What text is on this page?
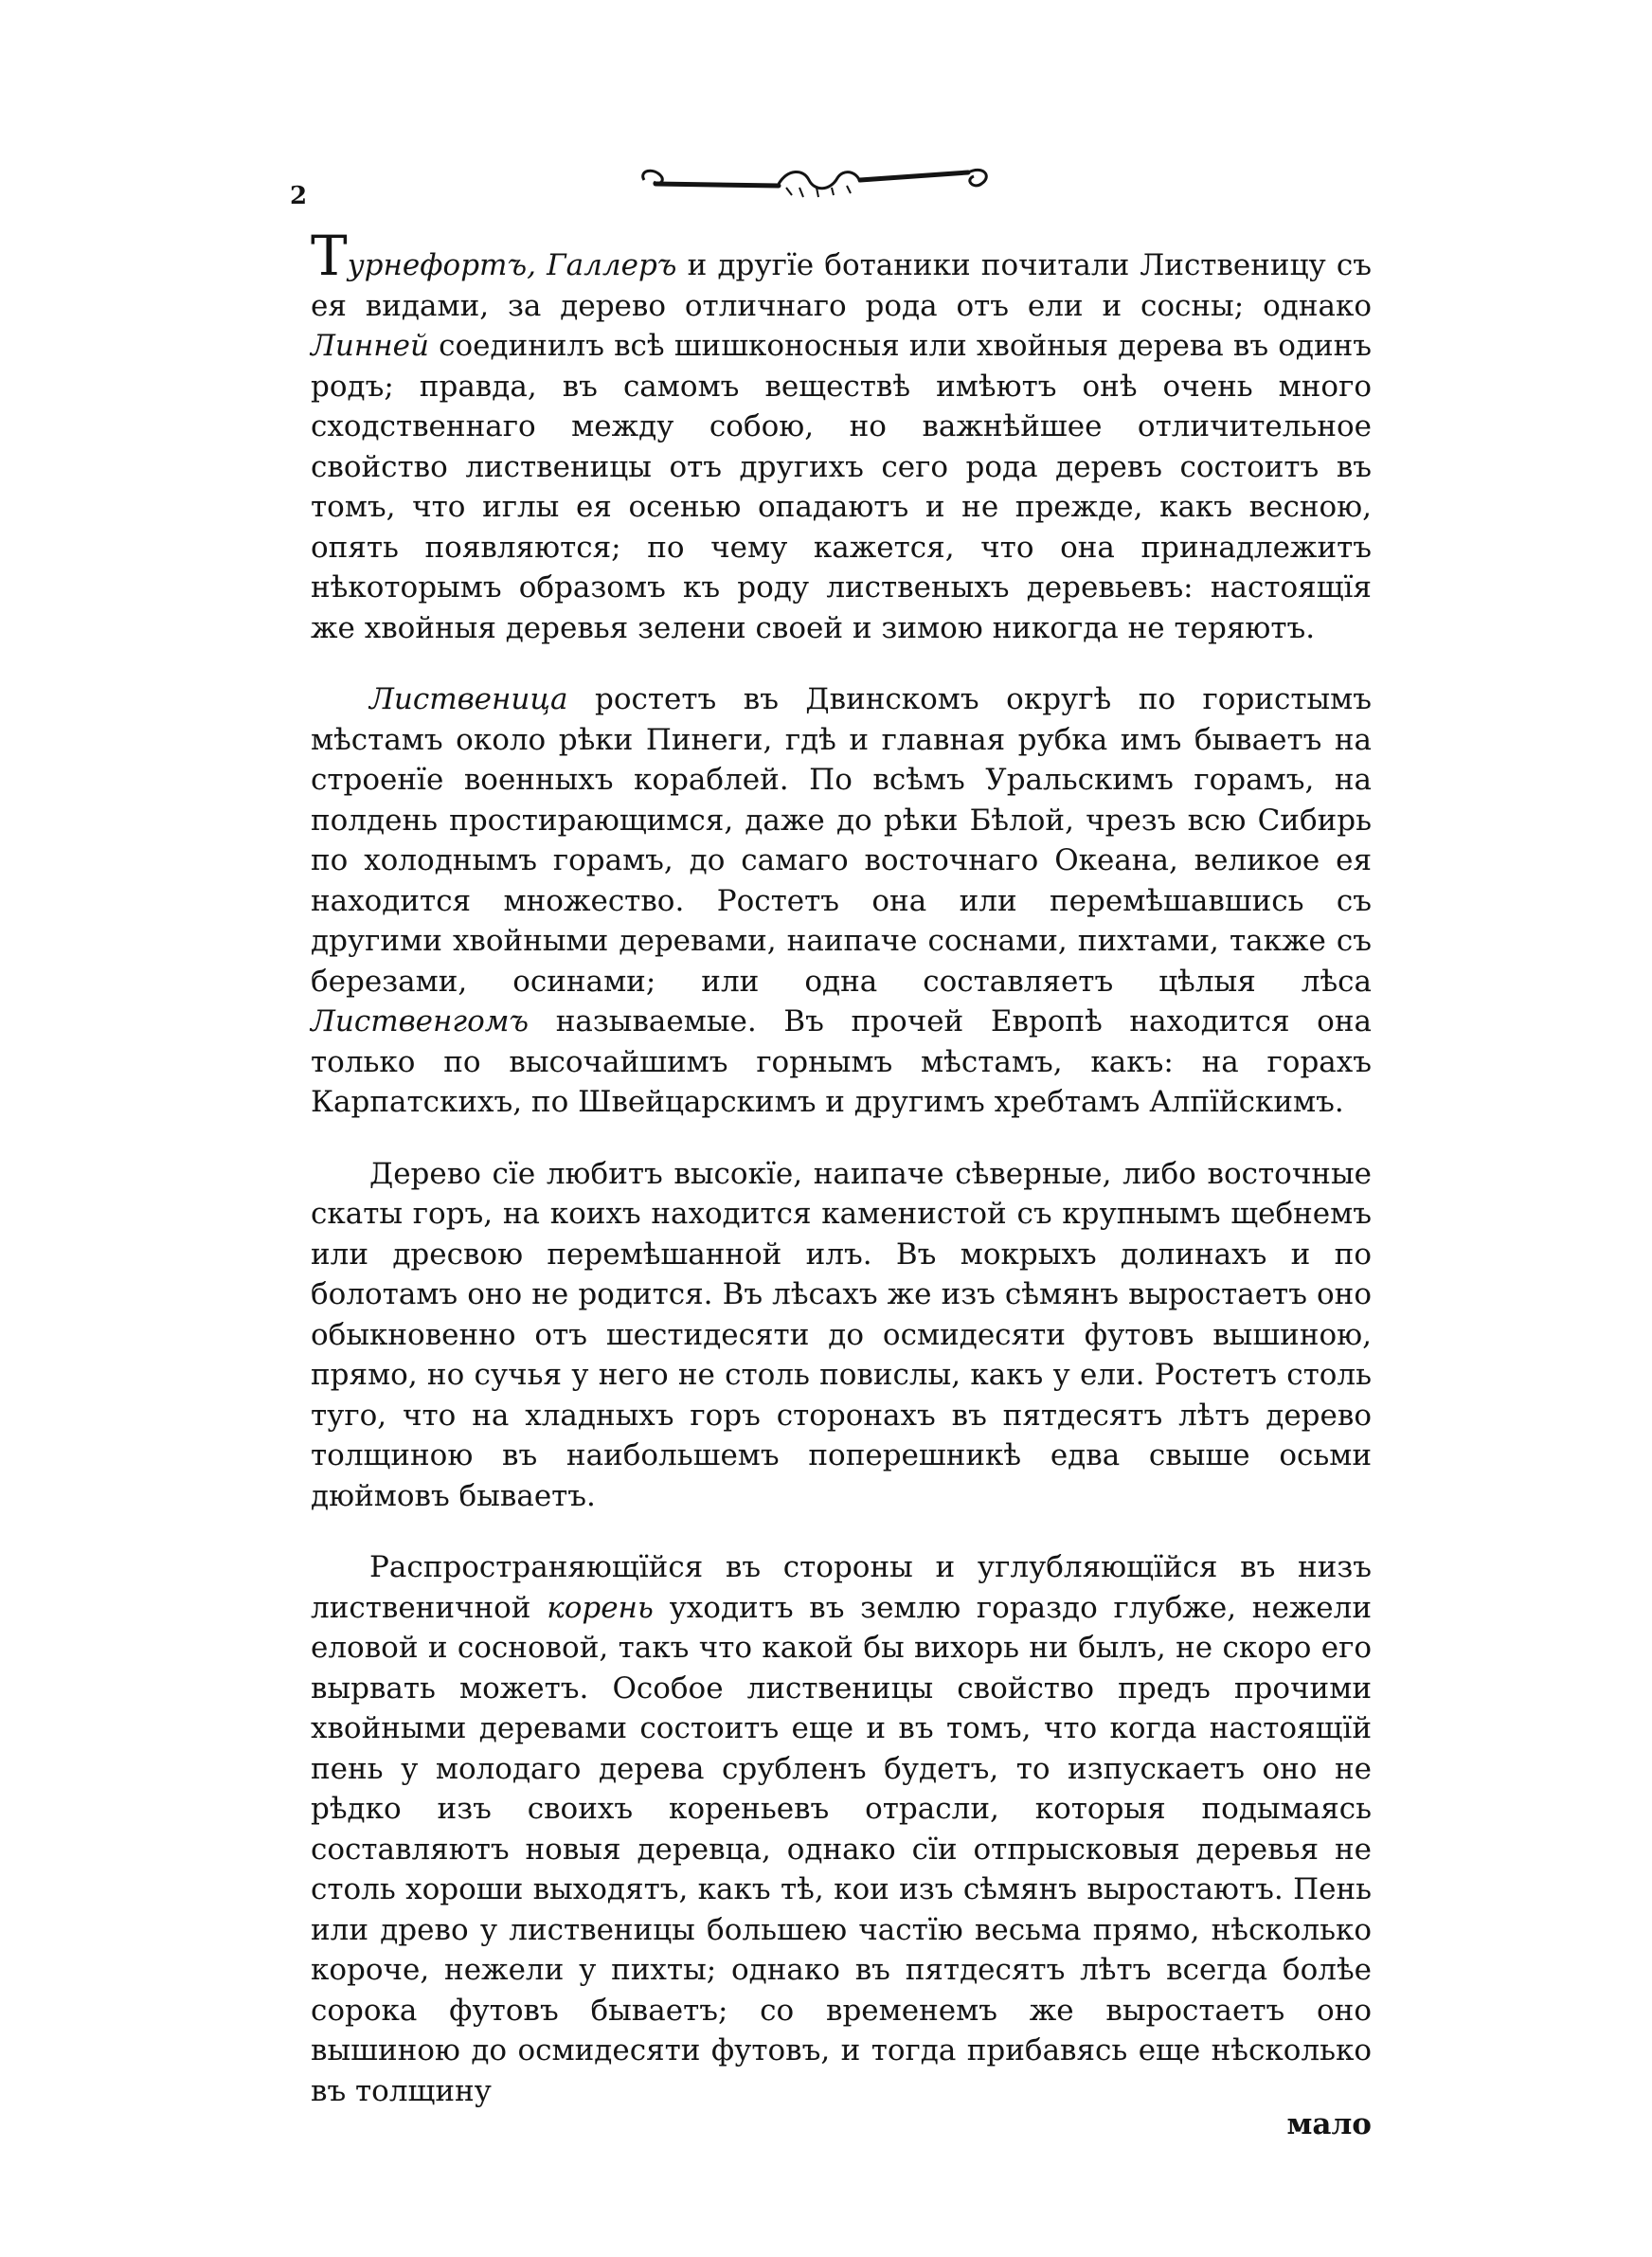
2

Турнефортъ, Галлеръ и другïе ботаники почитали Лиственицу съ ея видами, за дерево отличнаго рода отъ ели и сосны; однако Линней соединилъ всѣ шишконосныя или хвойныя дерева въ одинъ родъ; правда, въ самомъ веществѣ имѣютъ онѣ очень много сходственнаго между собою, но важнѣйшее отличительное свойство лиственицы отъ другихъ сего рода деревъ состоитъ въ томъ, что иглы ея осенью опадаютъ и не прежде, какъ весною, опять появляются; по чему кажется, что она принадлежитъ нѣкоторымъ образомъ къ роду лиственыхъ деревьевъ: настоящïя же хвойныя деревья зелени своей и зимою никогда не теряютъ.

Лиственица ростетъ въ Двинскомъ округѣ по гористымъ мѣстамъ около рѣки Пинеги, гдѣ и главная рубка имъ бываетъ на строенïе военныхъ кораблей. По всѣмъ Уральскимъ горамъ, на полдень простирающимся, даже до рѣки Бѣлой, чрезъ всю Сибирь по холоднымъ горамъ, до самаго восточнаго Океана, великое ея находится множество. Ростетъ она или перемѣшавшись съ другими хвойными деревами, наипаче соснами, пихтами, также съ березами, осинами; или одна составляетъ цѣлыя лѣса Лиственгомъ называемые. Въ прочей Европѣ находится она только по высочайшимъ горнымъ мѣстамъ, какъ: на горахъ Карпатскихъ, по Швейцарскимъ и другимъ хребтамъ Алпïйскимъ.

Дерево сïе любитъ высокïе, наипаче сѣверные, либо восточные скаты горъ, на коихъ находится каменистой съ крупнымъ щебнемъ или дресвою перемѣшанной илъ. Въ мокрыхъ долинахъ и по болотамъ оно не родится. Въ лѣсахъ же изъ сѣмянъ выростаетъ оно обыкновенно отъ шестидесяти до осмидесяти футовъ вышиною, прямо, но сучья у него не столь повислы, какъ у ели. Ростетъ столь туго, что на хладныхъ горъ сторонахъ въ пятдесятъ лѣтъ дерево толщиною въ наибольшемъ поперешникѣ едва свыше осьми дюймовъ бываетъ.

Распространяющïйся въ стороны и углубляющïйся въ низъ лиственичной корень уходитъ въ землю гораздо глубже, нежели еловой и сосновой, такъ что какой бы вихорь ни былъ, не скоро его вырвать можетъ. Особое лиственицы свойство предъ прочими хвойными деревами состоитъ еще и въ томъ, что когда настоящïй пень у молодаго дерева срубленъ будетъ, то изпускаетъ оно не рѣдко изъ своихъ кореньевъ отрасли, которыя подымаясь составляютъ новыя деревца, однако сïи отпрысковыя деревья не столь хороши выходятъ, какъ тѣ, кои изъ сѣмянъ выростаютъ. Пень или древо у лиственицы большею частïю весьма прямо, нѣсколько короче, нежели у пихты; однако въ пятдесятъ лѣтъ всегда болѣе сорока футовъ бываетъ; со временемъ же выростаетъ оно вышиною до осмидесяти футовъ, и тогда прибавясь еще нѣсколько въ толщину

мало
